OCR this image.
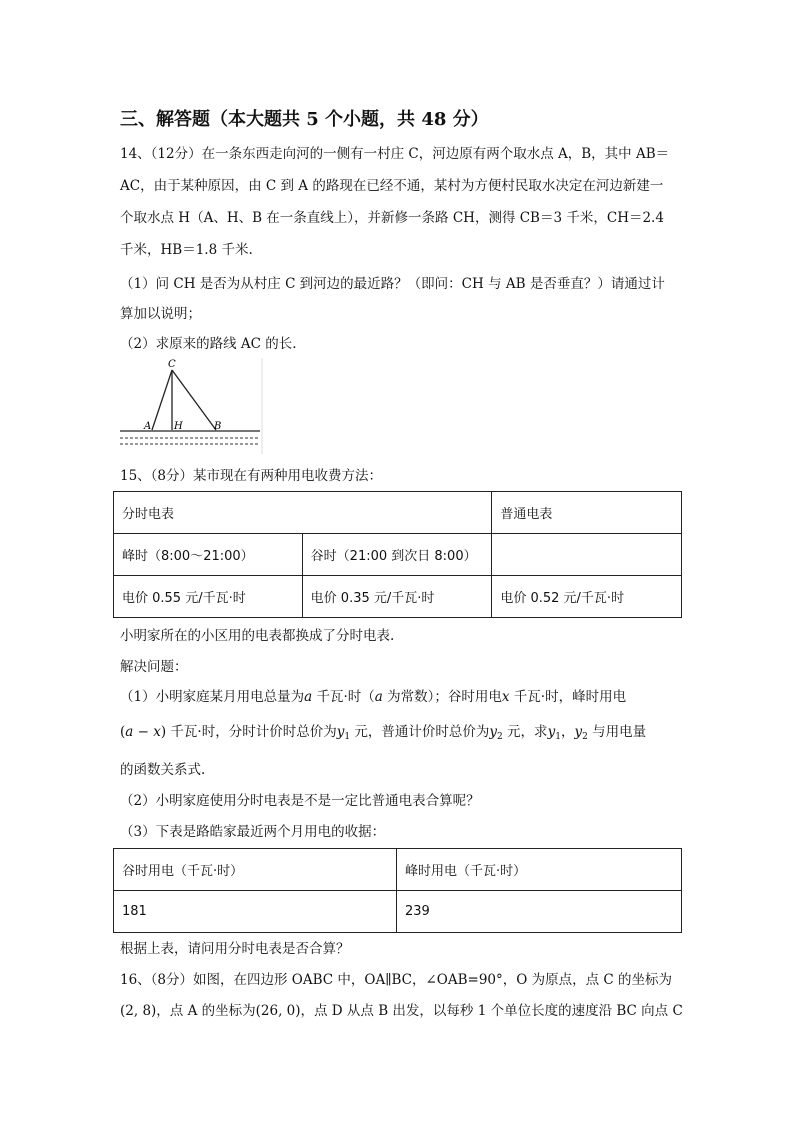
三、解答题（本大题共 5 个小题，共 48 分）
14、（12分）在一条东西走向河的一侧有一村庄 C，河边原有两个取水点 A，B，其中 AB＝
AC，由于某种原因，由 C 到 A 的路现在已经不通，某村为方便村民取水决定在河边新建一
个取水点 H（A、H、B 在一条直线上），并新修一条路 CH，测得 CB＝3 千米，CH＝2.4
千米，HB＝1.8 千米.
（1）问 CH 是否为从村庄 C 到河边的最近路？（即问：CH 与 AB 是否垂直？）请通过计
算加以说明；
（2）求原来的路线 AC 的长.
C
A H	B
15、（8分）某市现在有两种用电收费方法：
分时电表		普通电表
峰时（8:00～21:00）	谷时（21:00 到次日 8:00）	
电价 0.55 元/千瓦·时	电价 0.35 元/千瓦·时	电价 0.52 元/千瓦·时
小明家所在的小区用的电表都换成了分时电表.
解决问题：
（1）小明家庭某月用电总量为a 千瓦·时（a 为常数）；谷时用电x 千瓦·时，峰时用电
(a − x) 千瓦·时，分时计价时总价为$y_1$ 元，普通计价时总价为$y_2$ 元，求$y_1$，$y_2$ 与用电量
的函数关系式.
（2）小明家庭使用分时电表是不是一定比普通电表合算呢？
（3）下表是路皓家最近两个月用电的收据：
谷时用电（千瓦·时）	峰时用电（千瓦·时）
181	239
根据上表，请问用分时电表是否合算？
16、（8分）如图，在四边形 OABC 中，OA∥BC，∠OAB=90°，O 为原点，点 C 的坐标为
(2, 8)，点 A 的坐标为(26, 0)，点 D 从点 B 出发，以每秒 1 个单位长度的速度沿 BC 向点 C
